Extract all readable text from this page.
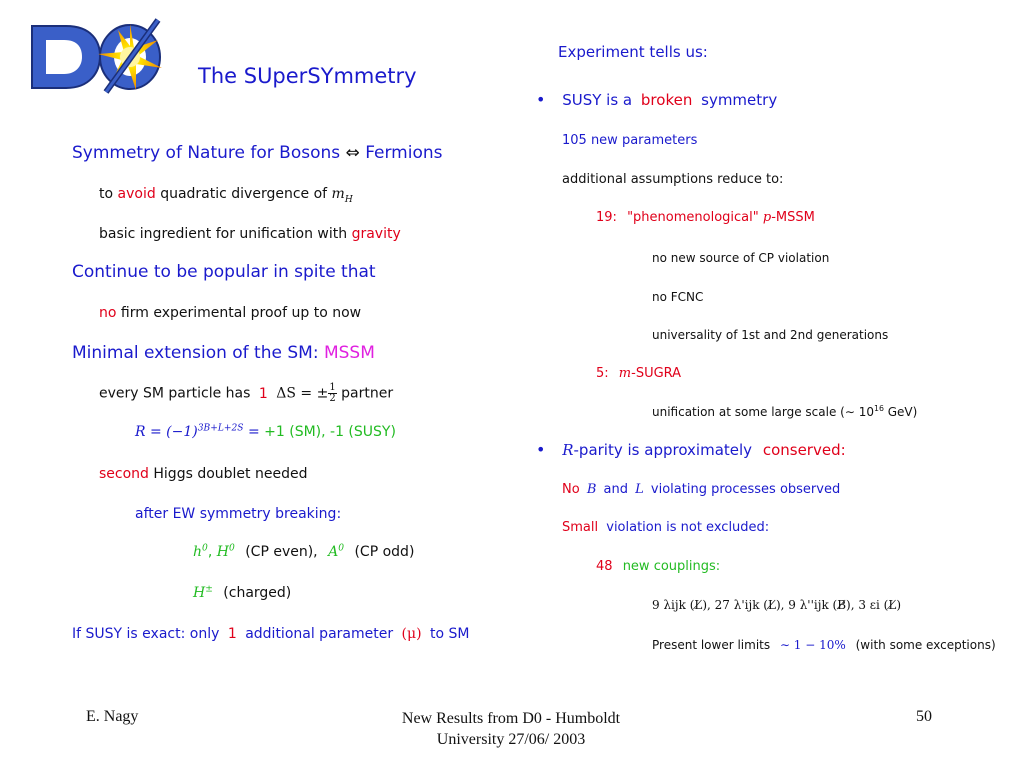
The SUperSYmmetry
Symmetry of Nature for Bosons ⇔ Fermions
to avoid quadratic divergence of $m_H$
basic ingredient for unification with gravity
Continue to be popular in spite that
no firm experimental proof up to now
Minimal extension of the SM: MSSM
every SM particle has 1 ΔS = ± $\frac{1}{2}$ partner
$R = (-1)^{3B+L+2S} = +1$ (SM), -1 (SUSY)
second Higgs doublet needed
after EW symmetry breaking:
$h^0$, $H^0$ (CP even), $A^0$ (CP odd)
H± (charged)
If SUSY is exact: only 1 additional parameter (μ) to SM
Experiment tells us:
• SUSY is a broken symmetry
105 new parameters
additional assumptions reduce to:
19: "phenomenological" p-MSSM
no new source of CP violation
no FCNC
universality of 1st and 2nd generations
5: m-SUGRA
unification at some large scale (∼ $10^{16}$ GeV)
• R-parity is approximately conserved:
No B and L violating processes observed
Small violation is not excluded:
48 new couplings:
9 λijk (L̸), 27 λ'ijk (L̸), 9 λ''ijk (B̸), 3 εi (L̸)
Present lower limits ∼ 1 − 10% (with some exceptions)
E. Nagy	New Results from D0 - Humboldt
University 27/06/ 2003
50
